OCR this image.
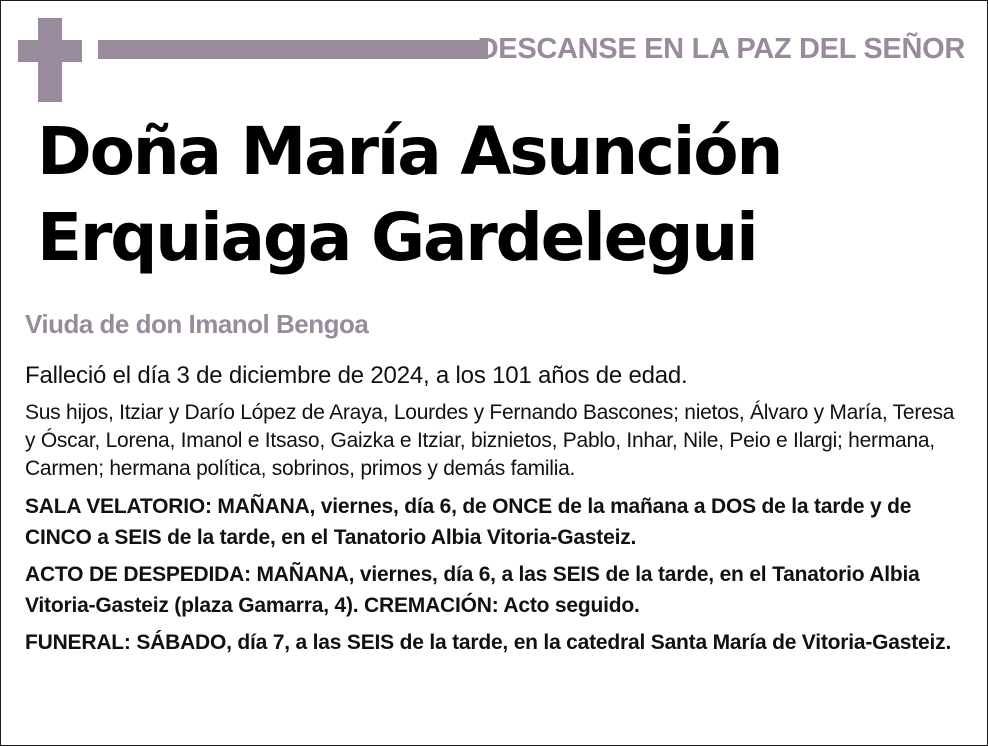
DESCANSE EN LA PAZ DEL SEÑOR
Doña María Asunción
Erquiaga Gardelegui
Viuda de don Imanol Bengoa

Falleció el día 3 de diciembre de 2024, a los 101 años de edad.

Sus hijos, Itziar y Darío López de Araya, Lourdes y Fernando Bascones; nietos, Álvaro y María, Teresa y Óscar, Lorena, Imanol e Itsaso, Gaizka e Itziar, biznietos, Pablo, Inhar, Nile, Peio e Ilargi; hermana, Carmen; hermana política, sobrinos, primos y demás familia.

SALA VELATORIO: MAÑANA, viernes, día 6, de ONCE de la mañana a DOS de la tarde y de CINCO a SEIS de la tarde, en el Tanatorio Albia Vitoria-Gasteiz.

ACTO DE DESPEDIDA: MAÑANA, viernes, día 6, a las SEIS de la tarde, en el Tanatorio Albia Vitoria-Gasteiz (plaza Gamarra, 4). CREMACIÓN: Acto seguido.

FUNERAL: SÁBADO, día 7, a las SEIS de la tarde, en la catedral Santa María de Vitoria-Gasteiz.
